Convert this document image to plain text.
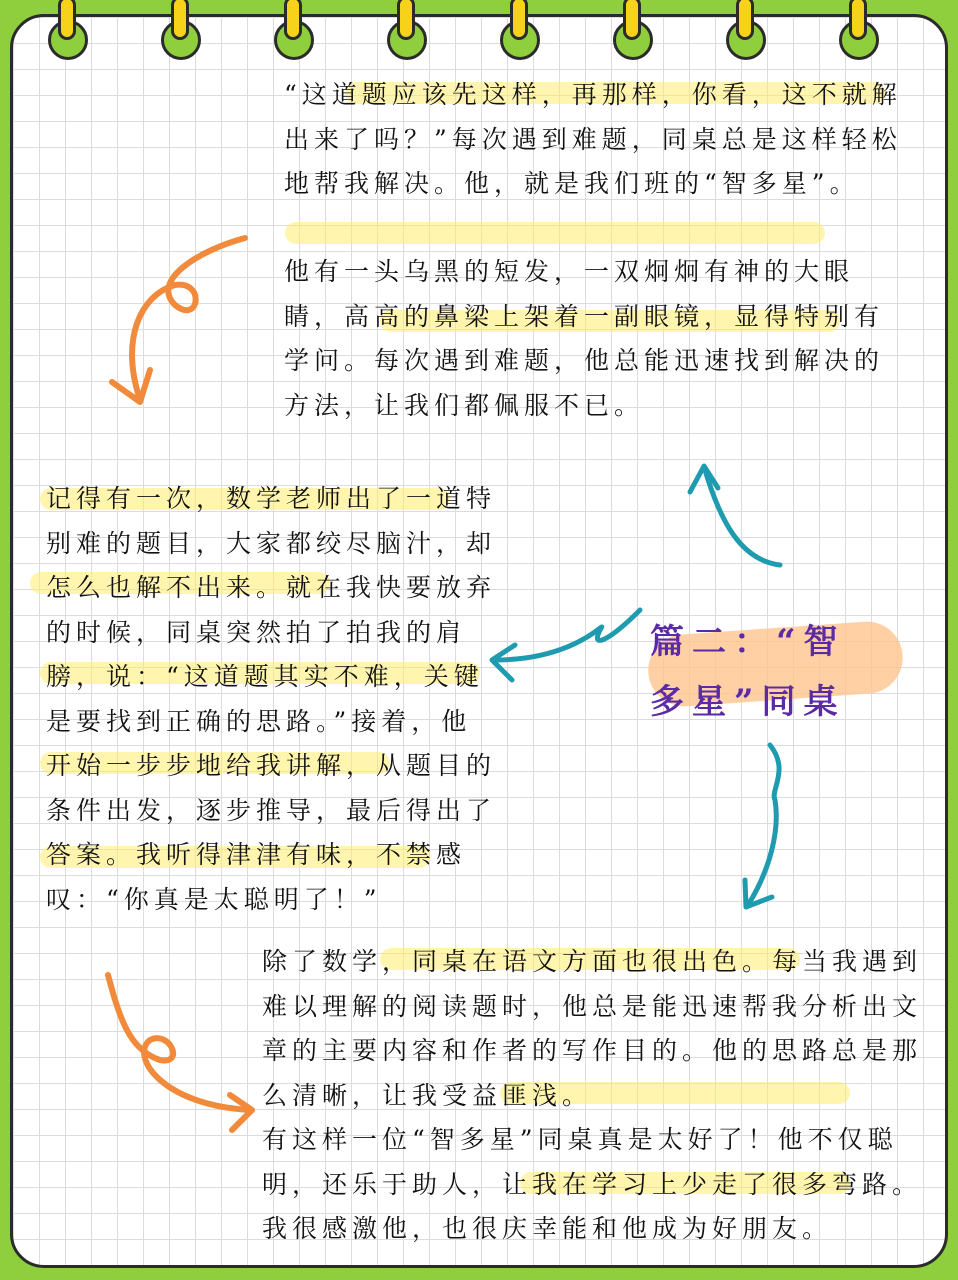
“这道题应该先这样，再那样，你看，这不就解出来了吗？”每次遇到难题，同桌总是这样轻松地帮我解决。他，就是我们班的“智多星”。

他有一头乌黑的短发，一双炯炯有神的大眼睛，高高的鼻梁上架着一副眼镜，显得特别有学问。每次遇到难题，他总能迅速找到解决的方法，让我们都佩服不已。

记得有一次，数学老师出了一道特别难的题目，大家都绞尽脑汁，却怎么也解不出来。就在我快要放弃的时候，同桌突然拍了拍我的肩膀，说：“这道题其实不难，关键是要找到正确的思路。”接着，他开始一步步地给我讲解，从题目的条件出发，逐步推导，最后得出了答案。我听得津津有味，不禁感叹：“你真是太聪明了！”

除了数学，同桌在语文方面也很出色。每当我遇到难以理解的阅读题时，他总是能迅速帮我分析出文章的主要内容和作者的写作目的。他的思路总是那么清晰，让我受益匪浅。

有这样一位“智多星”同桌真是太好了！他不仅聪明，还乐于助人，让我在学习上少走了很多弯路。我很感激他，也很庆幸能和他成为好朋友。

篇二：“智多星”同桌
